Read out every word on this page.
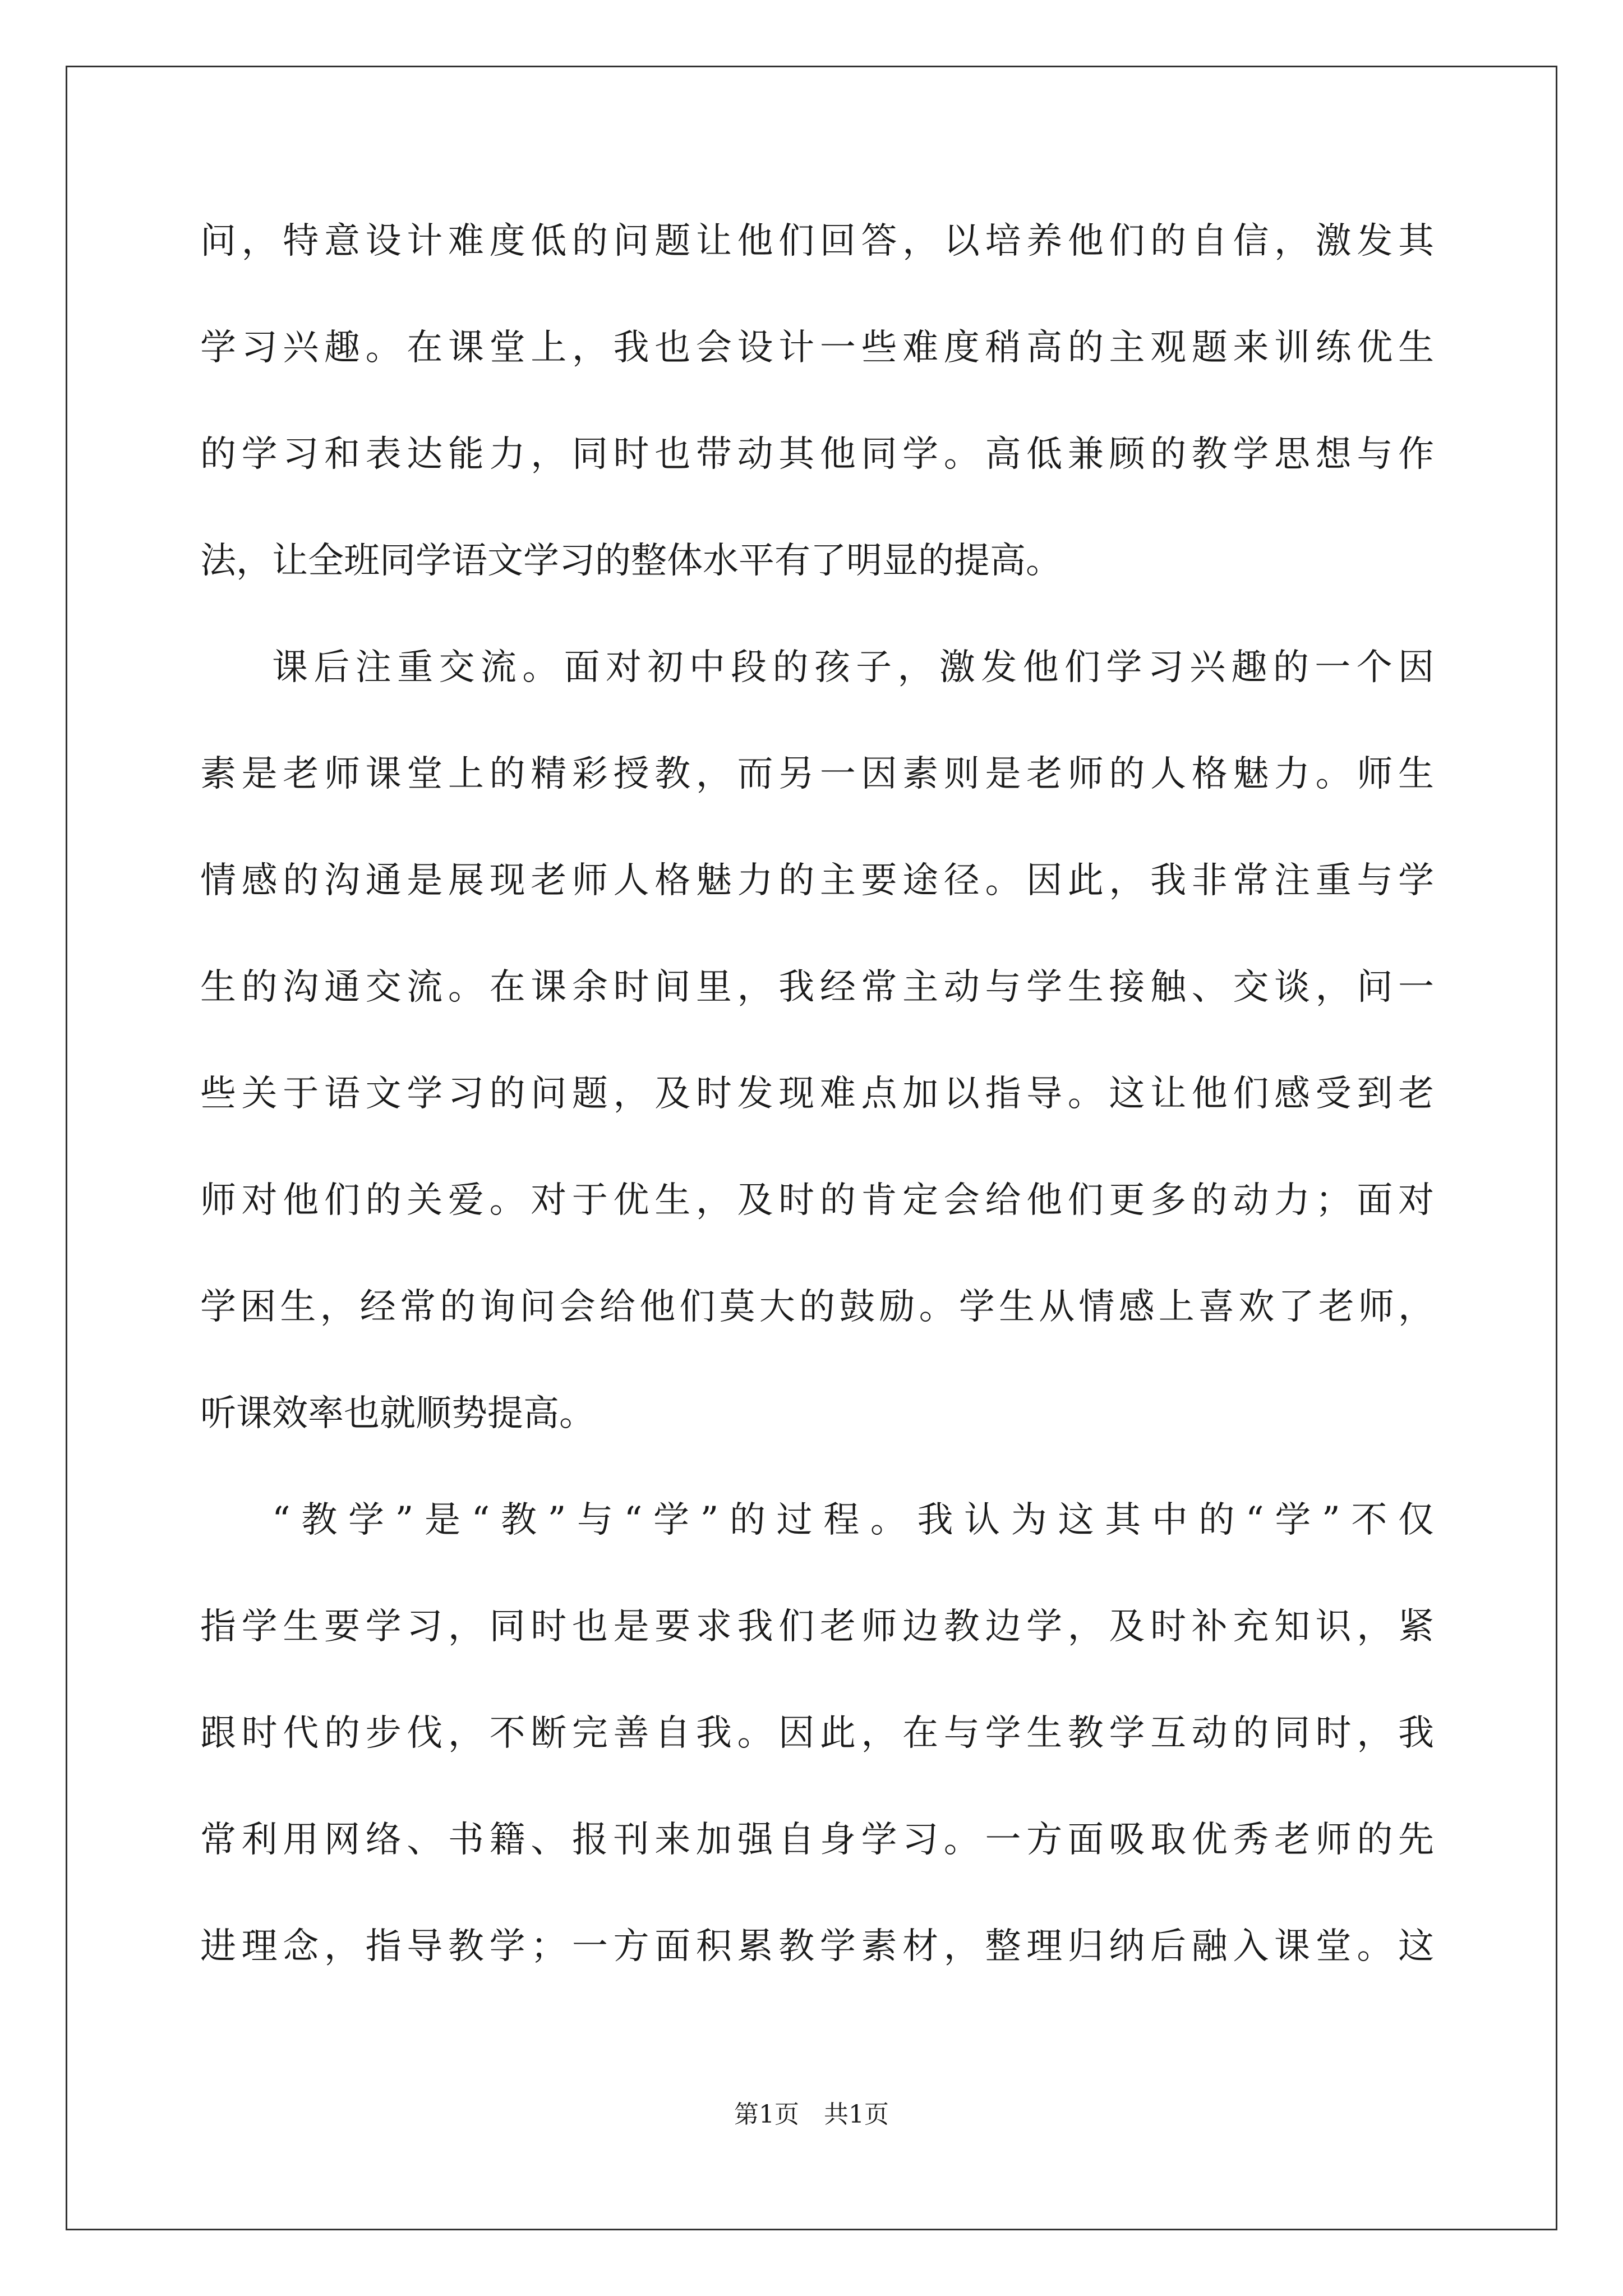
问，特意设计难度低的问题让他们回答，以培养他们的自信，激发其
学习兴趣。在课堂上，我也会设计一些难度稍高的主观题来训练优生
的学习和表达能力，同时也带动其他同学。高低兼顾的教学思想与作
法，让全班同学语文学习的整体水平有了明显的提高。
课后注重交流。面对初中段的孩子，激发他们学习兴趣的一个因
素是老师课堂上的精彩授教，而另一因素则是老师的人格魅力。师生
情感的沟通是展现老师人格魅力的主要途径。因此，我非常注重与学
生的沟通交流。在课余时间里，我经常主动与学生接触、交谈，问一
些关于语文学习的问题，及时发现难点加以指导。这让他们感受到老
师对他们的关爱。对于优生，及时的肯定会给他们更多的动力；面对
学困生，经常的询问会给他们莫大的鼓励。学生从情感上喜欢了老师，
听课效率也就顺势提高。
“教学”是“教”与“学”的过程。我认为这其中的“学”不仅
指学生要学习，同时也是要求我们老师边教边学，及时补充知识，紧
跟时代的步伐，不断完善自我。因此，在与学生教学互动的同时，我
常利用网络、书籍、报刊来加强自身学习。一方面吸取优秀老师的先
进理念，指导教学；一方面积累教学素材，整理归纳后融入课堂。这
第1页 共1页
